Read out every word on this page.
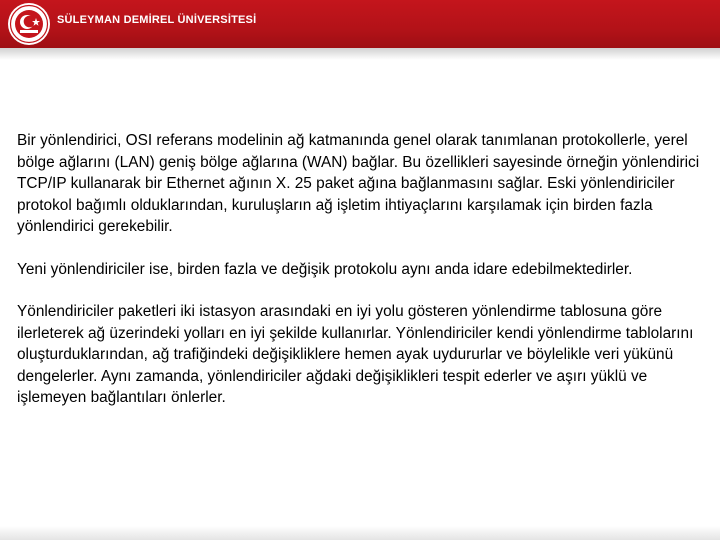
SÜLEYMAN DEMİREL ÜNİVERSİTESİ

Bir yönlendirici, OSI referans modelinin ağ katmanında genel olarak tanımlanan protokollerle, yerel bölge ağlarını (LAN) geniş bölge ağlarına (WAN) bağlar. Bu özellikleri sayesinde örneğin yönlendirici TCP/IP kullanarak bir Ethernet ağının X. 25 paket ağına bağlanmasını sağlar. Eski yönlendiriciler protokol bağımlı olduklarından, kuruluşların ağ işletim ihtiyaçlarını karşılamak için birden fazla yönlendirici gerekebilir.

Yeni yönlendiriciler ise, birden fazla ve değişik protokolu aynı anda idare edebilmektedirler.

Yönlendiriciler paketleri iki istasyon arasındaki en iyi yolu gösteren yönlendirme tablosuna göre ilerleterek ağ üzerindeki yolları en iyi şekilde kullanırlar. Yönlendiriciler kendi yönlendirme tablolarını oluşturduklarından, ağ trafiğindeki değişikliklere hemen ayak uydururlar ve böylelikle veri yükünü dengelerler. Aynı zamanda, yönlendiriciler ağdaki değişiklikleri tespit ederler ve aşırı yüklü ve işlemeyen bağlantıları önlerler.
